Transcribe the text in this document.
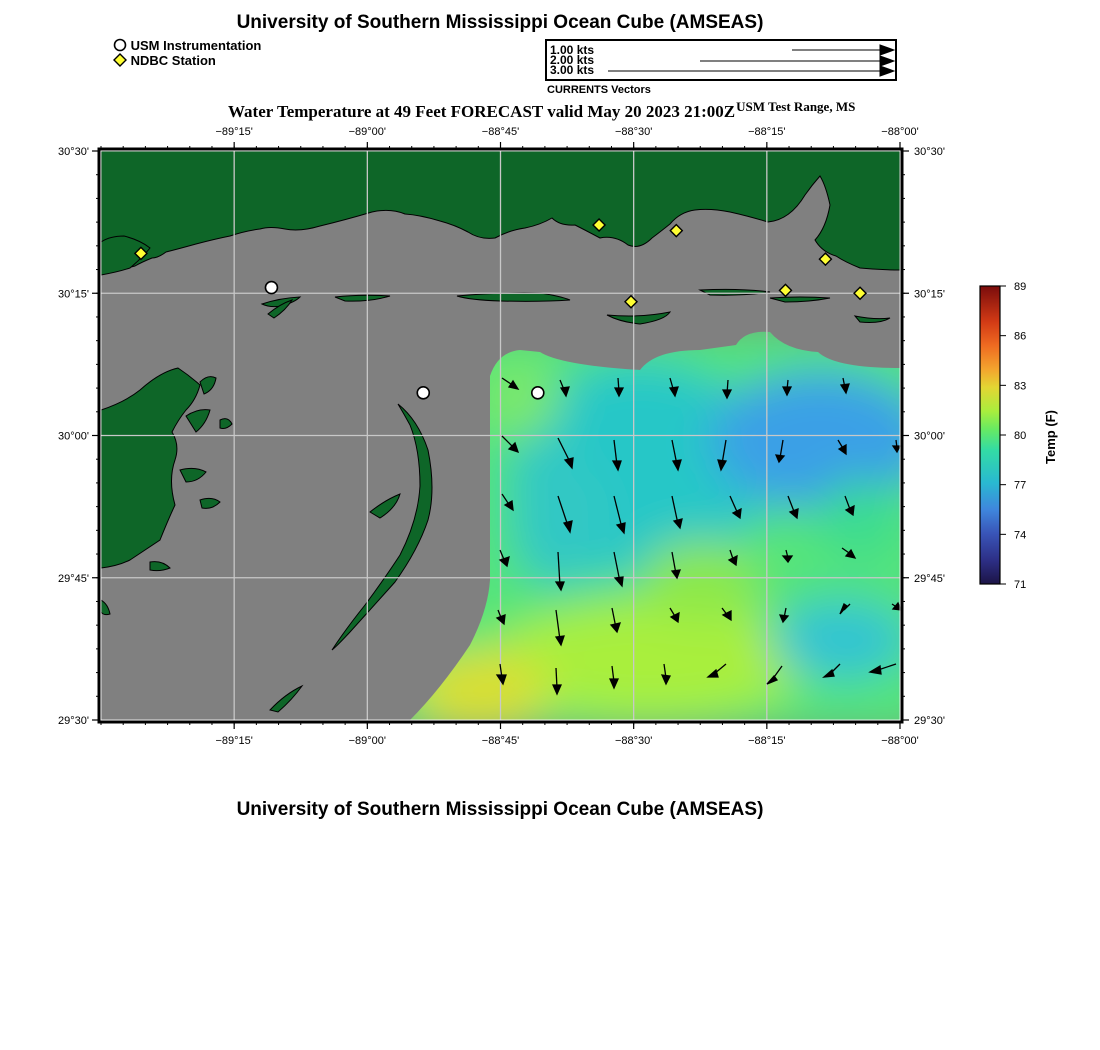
University of Southern Mississippi Ocean Cube (AMSEAS)
USM Instrumentation
NDBC Station
1.00 kts
2.00 kts
3.00 kts
CURRENTS Vectors
Water Temperature at 49 Feet FORECAST valid May 20 2023 $21:00Z^{USM Test Range, MS}$
−89°15'
−89°15'
−89°00'
−89°00'
−88°45'
−88°45'
−88°30'
−88°30'
−88°15'
−88°15'
−88°00'
−88°00'
30°30'	30°30'
30°15'	30°15'
30°00'	30°00'
29°45'	29°45'
29°30'	29°30'
71
74
77
80
83
86
89
Temp (F)
University of Southern Mississippi Ocean Cube (AMSEAS)
